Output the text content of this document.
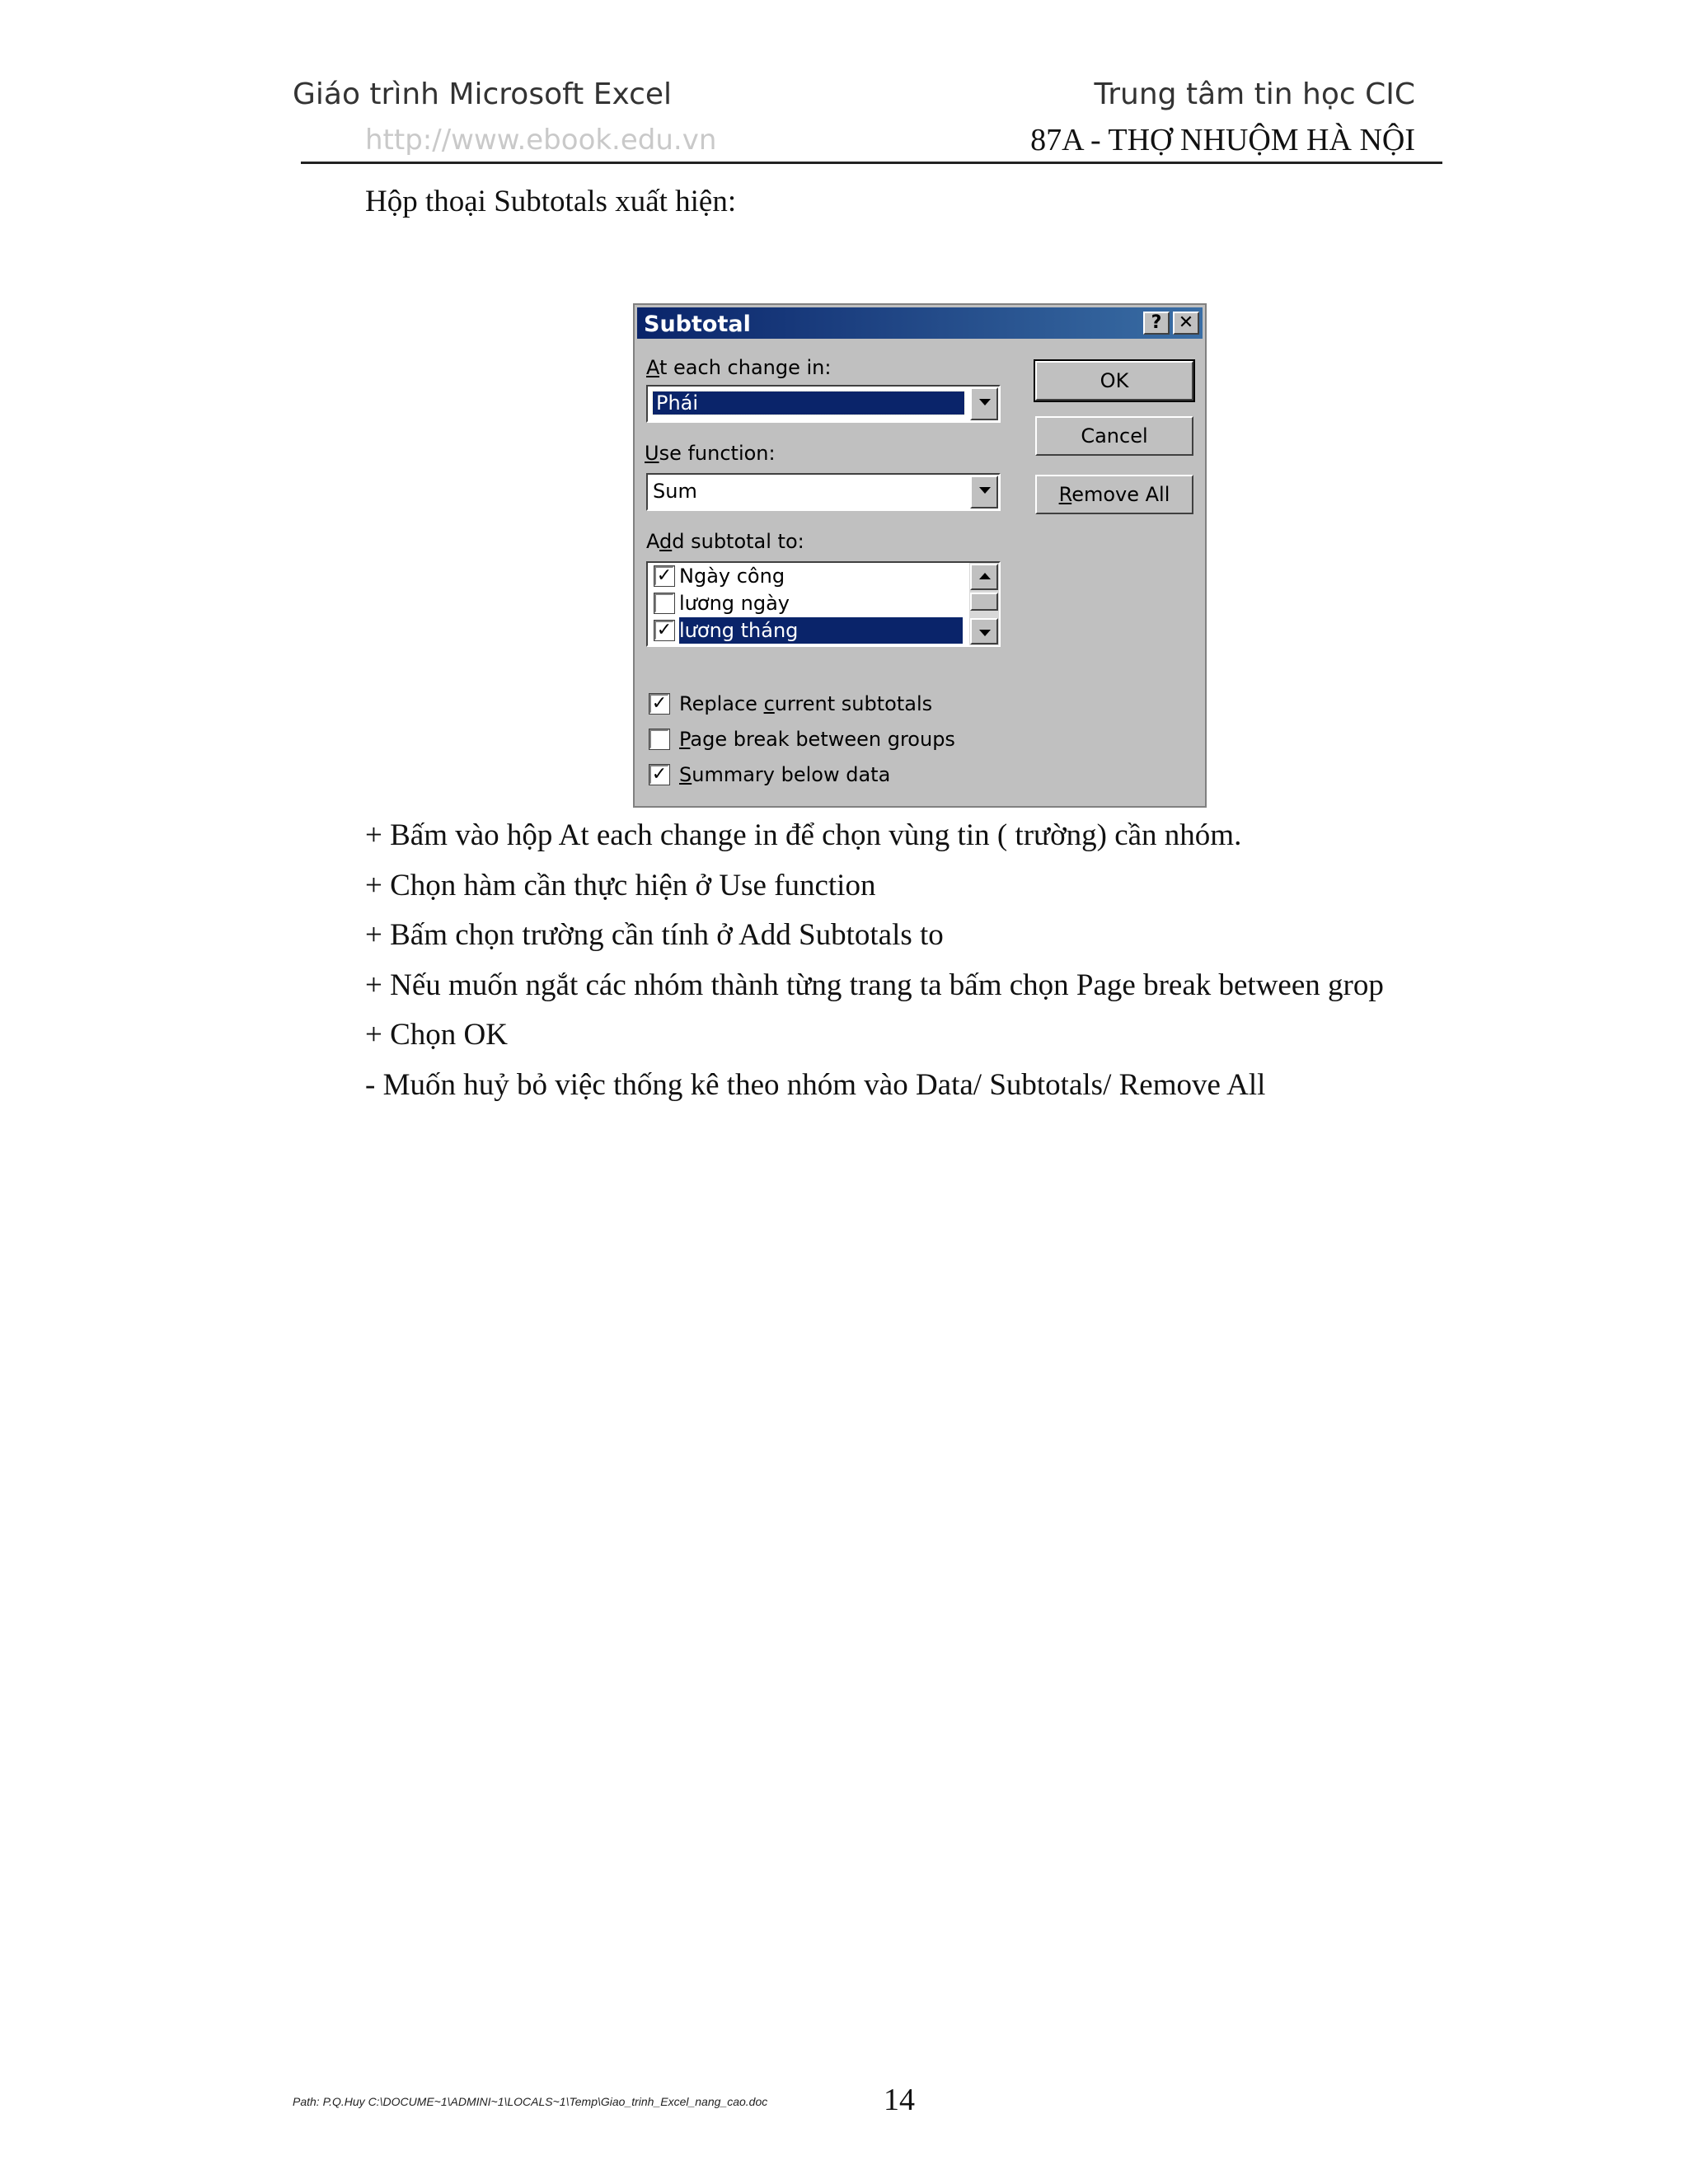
Giáo trình Microsoft Excel
http://www.ebook.edu.vn
Trung tâm tin học CIC
87A - THỢ NHUỘM HÀ NỘI
Hộp thoại Subtotals xuất hiện:
Subtotal	? ✕
At each change in:
Phái
Use function:
Sum
Add subtotal to:
✓ Ngày công
lương ngày
✓ lương tháng
✓ Replace current subtotals
Page break between groups
✓ Summary below data
OK
Cancel
Remove All
+ Bấm vào hộp At each change in để chọn vùng tin ( trường) cần nhóm.
+ Chọn hàm cần thực hiện ở Use function
+ Bấm chọn trường cần tính ở Add Subtotals to
+ Nếu muốn ngắt các nhóm thành từng trang ta bấm chọn Page break between grop
+ Chọn OK
- Muốn huỷ bỏ việc thống kê theo nhóm vào Data/ Subtotals/ Remove All
Path: P.Q.Huy C:\DOCUME~1\ADMINI~1\LOCALS~1\Temp\Giao_trinh_Excel_nang_cao.doc	14
